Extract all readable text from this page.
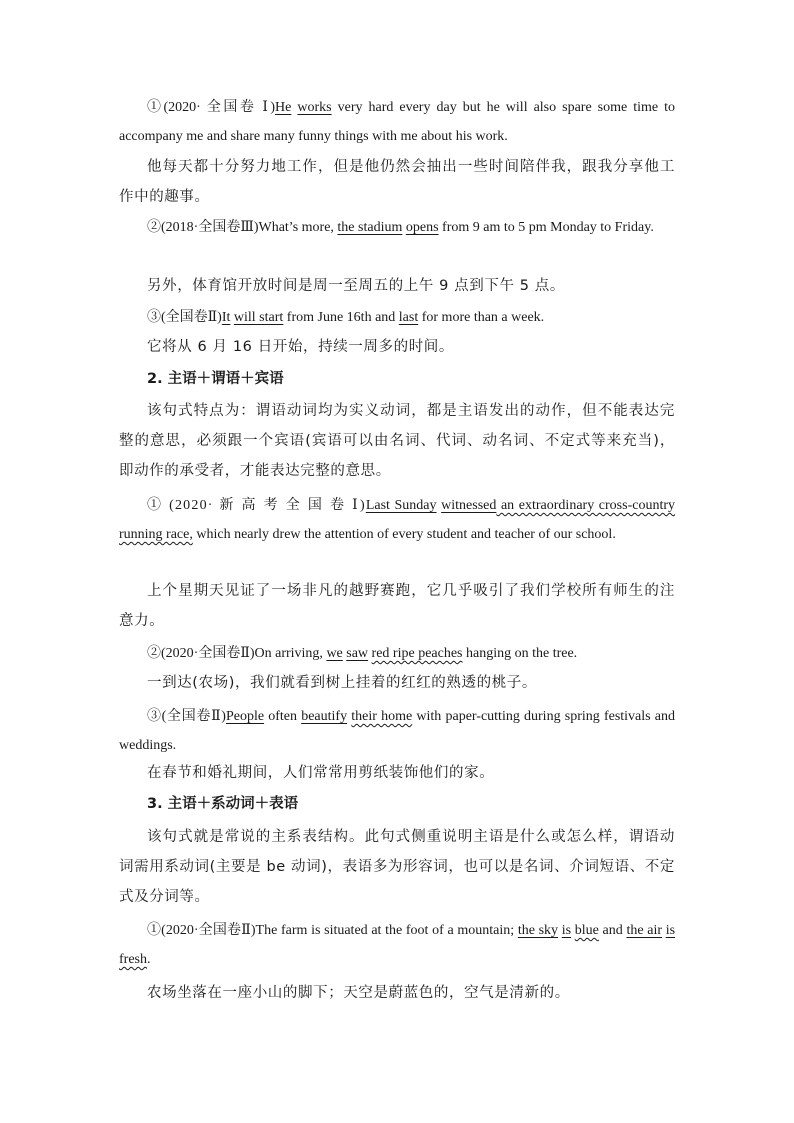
①(2020· 全国卷 Ⅰ)He works very hard every day but he will also spare some time to accompany me and share many funny things with me about his work.

他每天都十分努力地工作，但是他仍然会抽出一些时间陪伴我，跟我分享他工作中的趣事。

②(2018·全国卷Ⅲ)What’s more, the stadium opens from 9 am to 5 pm Monday to Friday.

另外，体育馆开放时间是周一至周五的上午 9 点到下午 5 点。

③(全国卷Ⅱ)It will start from June 16th and last for more than a week.

它将从 6 月 16 日开始，持续一周多的时间。

2. 主语＋谓语＋宾语

该句式特点为：谓语动词均为实义动词，都是主语发出的动作，但不能表达完整的意思，必须跟一个宾语(宾语可以由名词、代词、动名词、不定式等来充当)，即动作的承受者，才能表达完整的意思。

① (2020· 新 高 考 全 国 卷 Ⅰ)Last Sunday witnessed an extraordinary cross-country running race, which nearly drew the attention of every student and teacher of our school.

上个星期天见证了一场非凡的越野赛跑，它几乎吸引了我们学校所有师生的注意力。

②(2020·全国卷Ⅱ)On arriving, we saw red ripe peaches hanging on the tree.

一到达(农场)，我们就看到树上挂着的红红的熟透的桃子。

③(全国卷Ⅱ)People often beautify their home with paper-cutting during spring festivals and weddings.

在春节和婚礼期间，人们常常用剪纸装饰他们的家。

3. 主语＋系动词＋表语

该句式就是常说的主系表结构。此句式侧重说明主语是什么或怎么样，谓语动词需用系动词(主要是 be 动词)，表语多为形容词，也可以是名词、介词短语、不定式及分词等。

①(2020·全国卷Ⅱ)The farm is situated at the foot of a mountain; the sky is blue and the air is fresh.

农场坐落在一座小山的脚下；天空是蔚蓝色的，空气是清新的。
